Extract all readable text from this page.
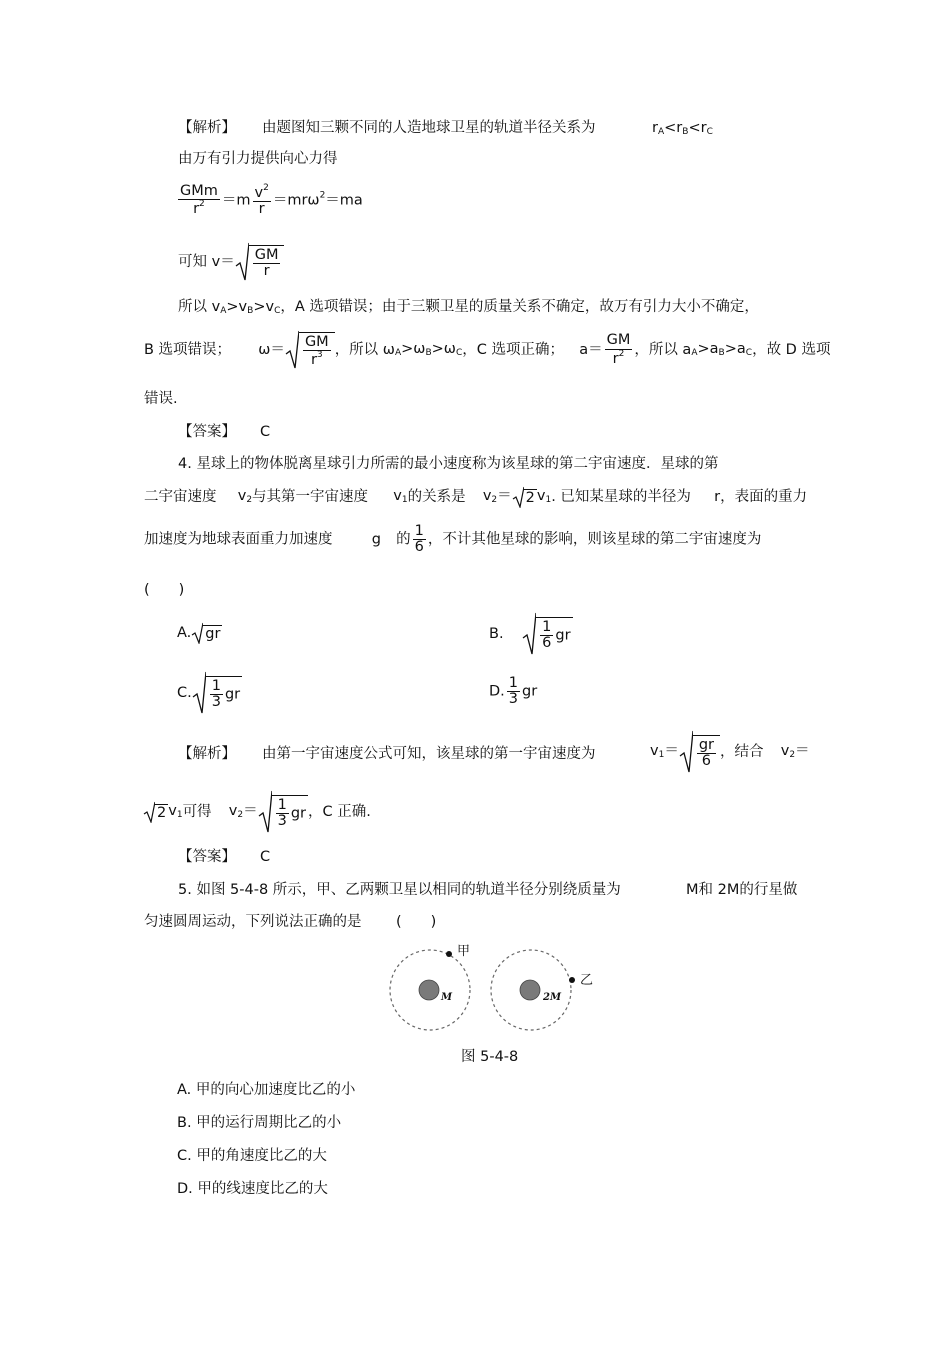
【解析】 由题图知三颗不同的人造地球卫星的轨道半径关系为	$r_A<r_B<r_C$
由万有引力提供向心力得
$\frac{\text{GMm}}{r^2} =m \frac{v^2}{r} =mr\omega^2=ma$
可知 $v= \frac{GM}{r}$
所以 $v_A>v_B>v_C$，A 选项错误；由于三颗卫星的质量关系不确定，故万有引力大小不确定，
B 选项错误； $\omega= \frac{GM}{r^3}$ ，所以 $\omega_A>\omega_B>\omega_C$，C 选项正确； $a= \frac{GM}{r^2}$ ，所以 $a_A>a_B>a_C$，故 D 选项
错误.
【答案】 C
4. 星球上的物体脱离星球引力所需的最小速度称为该星球的第二宇宙速度．星球的第
二宇宙速度 $v_2$与其第一宇宙速度 $v_1$的关系是 $v_2= 2$ $v_1$. 已知某星球的半径为 r，表面的重力
加速度为地球表面重力加速度	g 的 $\frac{1}{6}$ ，不计其他星球的影响，则该星球的第二宇宙速度为
(　　)
A. gr	B.	$\frac{1}{6}$ gr
C. $\frac{1}{3}$ gr	D. $\frac{1}{3}$ gr
【解析】 由第一宇宙速度公式可知，该星球的第一宇宙速度为	$v_1= \frac{gr}{6}$ ，结合 $v_2=$
2 $v_1$可得 $v_2= \frac{1}{3}$ gr ，C 正确.
【答案】 C
5. 如图 5-4-8 所示，甲、乙两颗卫星以相同的轨道半径分别绕质量为	M和 2M的行星做
匀速圆周运动，下列说法正确的是 (　　)
甲
乙
M	2M
图 5-4-8
A. 甲的向心加速度比乙的小
B. 甲的运行周期比乙的小
C. 甲的角速度比乙的大
D. 甲的线速度比乙的大
